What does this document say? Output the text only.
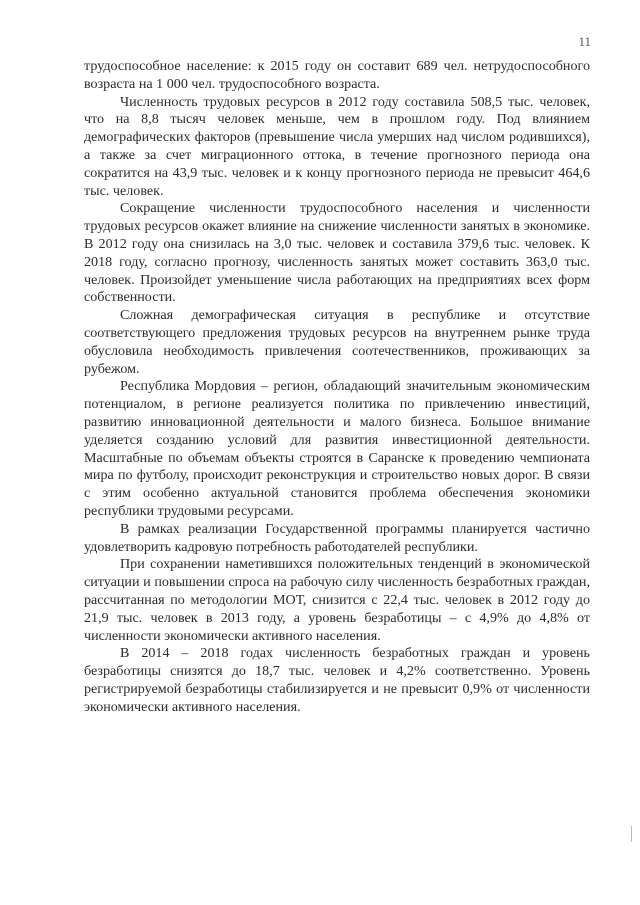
11

трудоспособное население: к 2015 году он составит 689 чел. нетрудоспособного возраста на 1 000 чел. трудоспособного возраста.

Численность трудовых ресурсов в 2012 году составила 508,5 тыс. человек, что на 8,8 тысяч человек меньше, чем в прошлом году. Под влиянием демографических факторов (превышение числа умерших над числом родившихся), а также за счет миграционного оттока, в течение прогнозного периода она сократится на 43,9 тыс. человек и к концу прогнозного периода не превысит 464,6 тыс. человек.

Сокращение численности трудоспособного населения и численности трудовых ресурсов окажет влияние на снижение численности занятых в экономике. В 2012 году она снизилась на 3,0 тыс. человек и составила 379,6 тыс. человек. К 2018 году, согласно прогнозу, численность занятых может составить 363,0 тыс. человек. Произойдет уменьшение числа работающих на предприятиях всех форм собственности.

Сложная демографическая ситуация в республике и отсутствие соответствующего предложения трудовых ресурсов на внутреннем рынке труда обусловила необходимость привлечения соотечественников, проживающих за рубежом.

Республика Мордовия – регион, обладающий значительным экономическим потенциалом, в регионе реализуется политика по привлечению инвестиций, развитию инновационной деятельности и малого бизнеса. Большое внимание уделяется созданию условий для развития инвестиционной деятельности. Масштабные по объемам объекты строятся в Саранске к проведению чемпионата мира по футболу, происходит реконструкция и строительство новых дорог. В связи с этим особенно актуальной становится проблема обеспечения экономики республики трудовыми ресурсами.

В рамках реализации Государственной программы планируется частично удовлетворить кадровую потребность работодателей республики.

При сохранении наметившихся положительных тенденций в экономической ситуации и повышении спроса на рабочую силу численность безработных граждан, рассчитанная по методологии МОТ, снизится с 22,4 тыс. человек в 2012 году до 21,9 тыс. человек в 2013 году, а уровень безработицы – с 4,9% до 4,8% от численности экономически активного населения.

В 2014 – 2018 годах численность безработных граждан и уровень безработицы снизятся до 18,7 тыс. человек и 4,2% соответственно. Уровень регистрируемой безработицы стабилизируется и не превысит 0,9% от численности экономически активного населения.
